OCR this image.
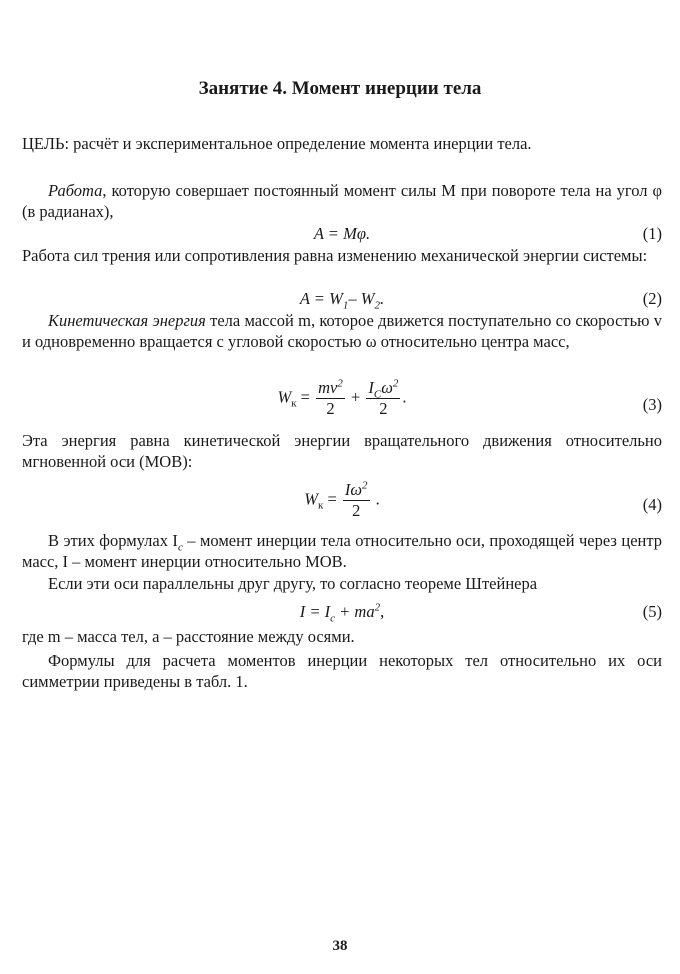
Занятие 4. Момент инерции тела
ЦЕЛЬ: расчёт и экспериментальное определение момента инерции тела.
Работа, которую совершает постоянный момент силы M при повороте тела на угол φ (в радианах),
A = Mφ.	(1)
Работа сил трения или сопротивления равна изменению механической энергии системы:
$A = W_1-$ $W_2$.	(2)
Кинетическая энергия тела массой m, которое движется поступательно со скоростью v и одновременно вращается с угловой скоростью ω относительно центра масс,
$W_к = \frac{mv^2}{2} + \frac{I_C\omega^2}{2}$ .	(3)
Эта энергия равна кинетической энергии вращательного движения относительно мгновенной оси (МОВ):
$W_к = \frac{I\omega^2}{2}$ .	(4)
В этих формулах $I_c$ – момент инерции тела относительно оси, проходящей через центр масс, I – момент инерции относительно МОВ.
Если эти оси параллельны друг другу, то согласно теореме Штейнера
$I = I_c + ma^2$,	(5)
где m – масса тел, a – расстояние между осями.
Формулы для расчета моментов инерции некоторых тел относительно их оси симметрии приведены в табл. 1.
38
